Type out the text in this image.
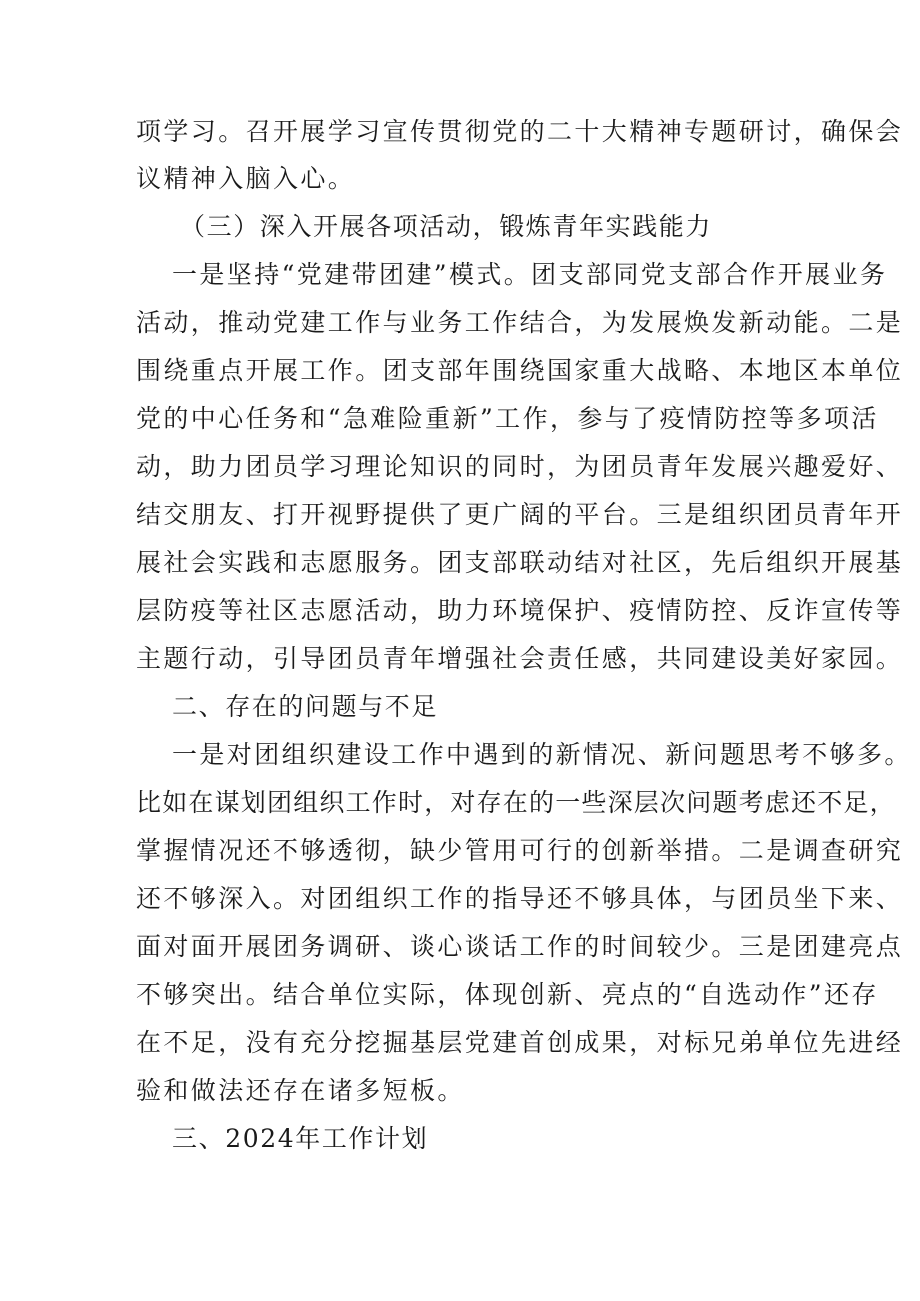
项学习。召开展学习宣传贯彻党的二十大精神专题研讨，确保会
议精神入脑入心。
（三）深入开展各项活动，锻炼青年实践能力
一是坚持“党建带团建”模式。团支部同党支部合作开展业务
活动，推动党建工作与业务工作结合，为发展焕发新动能。二是
围绕重点开展工作。团支部年围绕国家重大战略、本地区本单位
党的中心任务和“急难险重新”工作，参与了疫情防控等多项活
动，助力团员学习理论知识的同时，为团员青年发展兴趣爱好、
结交朋友、打开视野提供了更广阔的平台。三是组织团员青年开
展社会实践和志愿服务。团支部联动结对社区，先后组织开展基
层防疫等社区志愿活动，助力环境保护、疫情防控、反诈宣传等
主题行动，引导团员青年增强社会责任感，共同建设美好家园。
二、存在的问题与不足
一是对团组织建设工作中遇到的新情况、新问题思考不够多。
比如在谋划团组织工作时，对存在的一些深层次问题考虑还不足，
掌握情况还不够透彻，缺少管用可行的创新举措。二是调查研究
还不够深入。对团组织工作的指导还不够具体，与团员坐下来、
面对面开展团务调研、谈心谈话工作的时间较少。三是团建亮点
不够突出。结合单位实际，体现创新、亮点的“自选动作”还存
在不足，没有充分挖掘基层党建首创成果，对标兄弟单位先进经
验和做法还存在诸多短板。
三、2024年工作计划
